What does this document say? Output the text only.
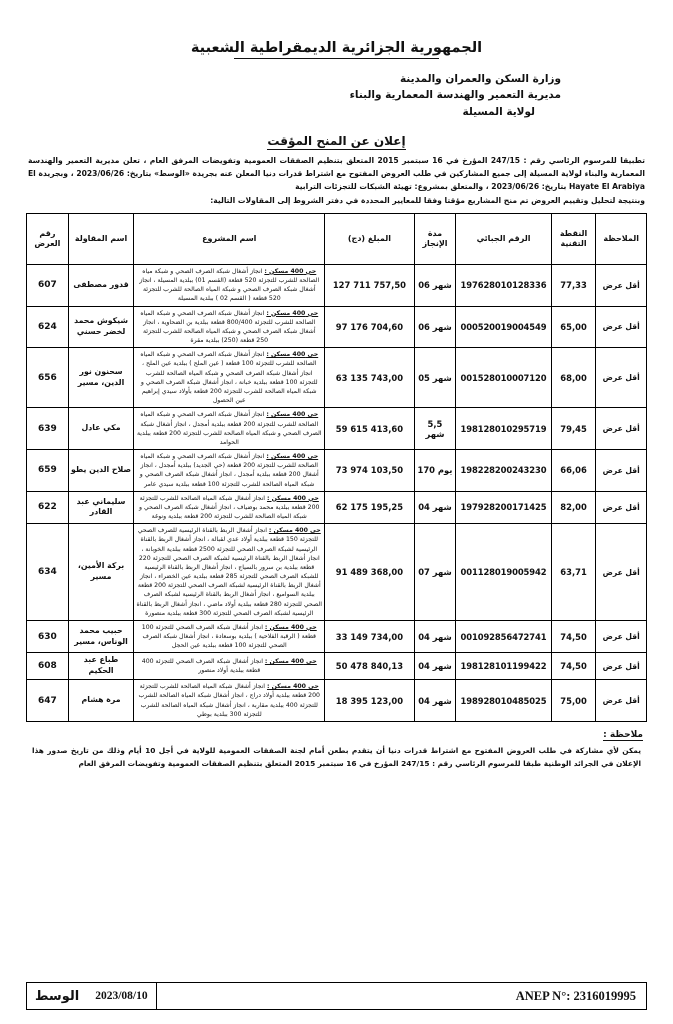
الجمهورية الجزائرية الديمقراطية الشعبية
وزارة السكن والعمران والمدينة
مديرية التعمير والهندسة المعمارية والبناء
لولاية المسيلة
إعلان عن المنح المؤقت

تطبيقا للمرسوم الرئاسي رقم : 247/15 المؤرخ في 16 سبتمبر 2015 المتعلق بتنظيم الصفقات العمومية وتفويضات المرفق العام ، تعلن مديرية التعمير والهندسة المعمارية والبناء لولاية المسيلة إلى جميع المشاركين في طلب العروض المفتوح مع اشتراط قدرات دنيا المعلن عنه بجريدة «الوسط» بتاريخ: 2023/06/26 ، وبجريدة El Hayate El Arabiya بتاريخ: 2023/06/26 ، والمتعلق بمشروع: تهيئة الشبكات للتجزئات الترابية

وبنتيجة لتحليل وتقييم العروض تم منح المشاريع مؤقتا وفقا للمعايير المحددة في دفتر الشروط إلى المقاولات التالية:

الملاحظة	النقطة التقنية	الرقم الجبائي	مدة الإنجاز	المبلغ (دج)	اسم المشروع	اسم المقاولة	رقم العرض
أقل عرض	77,33	197628010128336	06 شهر	127 711 757,50	حي 400 مسكن : انجاز أشغال شبكة الصرف الصحي و شبكة مياه الصالحة للشرب للتجزئة 520 قطعة (القسم 01) ببلدية المسيلة ، انجاز أشغال شبكة الصرف الصحي و شبكة المياه الصالحة للشرب للتجزئة 520 قطعة ( القسم 02 ) ببلدية المسيلة	قدور مصطفى	607
أقل عرض	65,00	000520019004549	06 شهر	97 176 704,60	حي 400 مسكن : انجاز أشغال شبكة الصرف الصحي و شبكة المياه الصالحة للشرب للتجزئة 800/400 قطعة ببلدية بن الضحاوية ، انجاز أشغال شبكة الصرف الصحي و شبكة المياه الصالحة للشرب للتجزئة 250 قطعة (250) ببلدية مقرة	شيكوش محمد لخضر حسني	624
أقل عرض	68,00	001528010007120	05 شهر	63 135 743,00	حي 400 مسكن : انجاز أشغال شبكة الصرف الصحي و شبكة المياه الصالحة للشرب للتجزئة 100 قطعة ( عين الملح ) ببلدية عين الملح ، انجاز أشغال شبكة الصرف الصحي و شبكة المياه الصالحة للشرب للتجزئة 100 قطعة ببلدية خبانة ، انجاز أشغال شبكة الصرف الصحي و شبكة المياه الصالحة للشرب للتجزئة 200 قطعة بأولاد سيدي إبراهيم عين الحصول	سحنون نور الدين، مسير	656
أقل عرض	79,45	198128010295719	5,5 شهر	59 615 413,60	حي 400 مسكن : انجاز أشغال شبكة الصرف الصحي و شبكة المياه الصالحة للشرب للتجزئة 200 قطعة ببلدية أمجدل ، انجاز أشغال شبكة الصرف الصحي و شبكة المياه الصالحة للشرب للتجزئة 200 قطعة ببلدية الحوامد	مكي عادل	639
أقل عرض	66,06	198228200243230	170 يوم	73 974 103,50	حي 400 مسكن : انجاز أشغال شبكة الصرف الصحي و شبكة المياه الصالحة للشرب للتجزئة 200 قطعة (حي الجديد) ببلدية أمجدل ، انجاز أشغال 200 قطعة ببلدية أمجدل ، انجاز أشغال شبكة الصرف الصحي و شبكة المياه الصالحة للشرب للتجزئة 100 قطعة ببلدية سيدي عامر	صلاح الدين يطو	659
أقل عرض	82,00	197928200171425	04 شهر	62 175 195,25	حي 400 مسكن : انجاز أشغال شبكة المياه الصالحة للشرب للتجزئة 200 قطعة ببلدية محمد بوضياف ، انجاز أشغال شبكة الصرف الصحي و شبكة المياه الصالحة للشرب للتجزئة 200 قطعة ببلدية ونوغة	سليماني عبد القادر	622
أقل عرض	63,71	001128019005942	07 شهر	91 489 368,00	حي 400 مسكن : انجاز أشغال الربط بالقناة الرئيسية للصرف الصحي للتجزئة 150 قطعة ببلدية أولاد عدي لقبالة ، انجاز أشغال الربط بالقناة الرئيسية لشبكة الصرف الصحي للتجزئة 2500 قطعة ببلدية الخوبانة ، انجاز أشغال الربط بالقناة الرئيسية لشبكة الصرف الصحي للتجزئة 220 قطعة ببلدية بن سرور بالسياج ، انجاز أشغال الربط بالقناة الرئيسية للشبكة الصرف الصحي للتجزئة 285 قطعة ببلدية عين الخضراء ، انجاز أشغال الربط بالقناة الرئيسية لشبكة الصرف الصحي للتجزئة 200 قطعة ببلدية السواميع ، انجاز أشغال الربط بالقناة الرئيسية لشبكة الصرف الصحي للتجزئة 280 قطعة ببلدية أولاد ماضي ، انجاز أشغال الربط بالقناة الرئيسية لشبكة الصرف الصحي للتجزئة 300 قطعة ببلدية منصورة	بركة الأمين، مسير	634
أقل عرض	74,50	001092856472741	04 شهر	33 149 734,00	حي 400 مسكن : انجاز أشغال شبكة الصرف الصحي للتجزئة 100 قطعة ( الرقبة الفلاحية ) ببلدية بوسعادة ، انجاز أشغال شبكة الصرف الصحي للتجزئة 100 قطعة ببلدية عين الحجل	حبيب محمد الوناس، مسير	630
أقل عرض	74,50	198128101199422	04 شهر	50 478 840,13	حي 400 مسكن : انجاز أشغال شبكة الصرف الصحي للتجزئة 400 قطعة ببلدية أولاد منصور	طباع عبد الحكيم	608
أقل عرض	75,00	198928010485025	04 شهر	18 395 123,00	حي 400 مسكن : انجاز أشغال شبكة المياه الصالحة للشرب للتجزئة 200 قطعة ببلدية أولاد دراج ، انجاز أشغال شبكة المياه الصالحة للشرب للتجزئة 400 ببلدية مقاربة ، انجاز أشغال شبكة المياه الصالحة للشرب للتجزئة 300 ببلدية بوطي	مرة هشام	647
ملاحظة :
يمكن لأي مشاركة في طلب العروض المفتوح مع اشتراط قدرات دنيا أن يتقدم بطعن أمام لجنة الصفقات العمومية للولاية في أجل 10 أيام وذلك من تاريخ صدور هذا الإعلان في الجرائد الوطنية طبقا للمرسوم الرئاسي رقم : 247/15 المؤرخ في 16 سبتمبر 2015 المتعلق بتنظيم الصفقات العمومية وتفويضات المرفق العام
ANEP N°: 2316019995
2023/08/10
الوسط
